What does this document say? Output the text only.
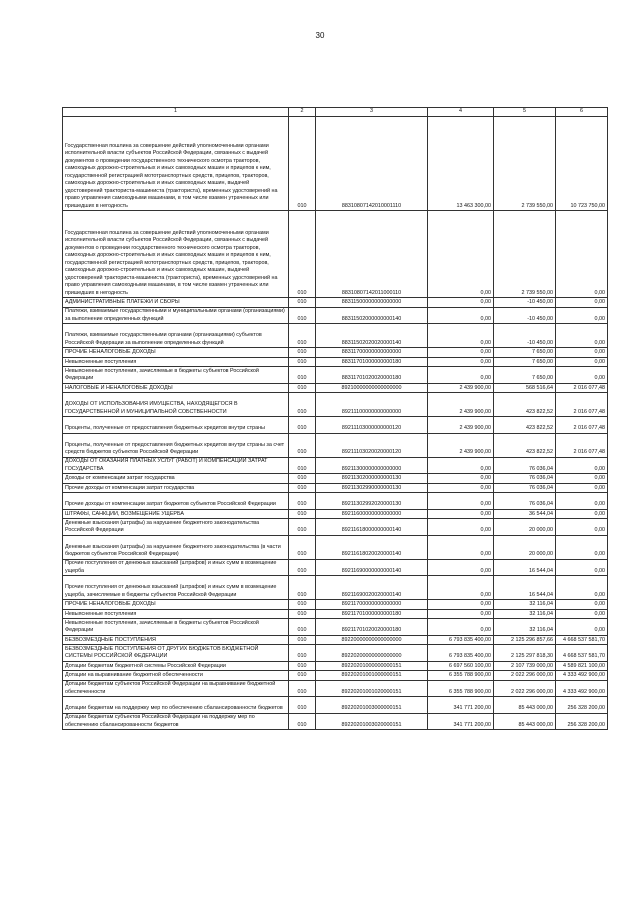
30
1	2	3	4	5	6
Государственная пошлина за совершение действий уполномоченными органами исполнительной власти субъектов Российской Федерации, связанных с выдачей документов о проведении государственного технического осмотра тракторов, самоходных дорожно-строительных и иных самоходных машин и прицепов к ним, государственной регистрацией мототранспортных средств, прицепов, тракторов, самоходных дорожно-строительных и иных самоходных машин, выдачей удостоверений тракториста-машиниста (тракториста), временных удостоверений на право управления самоходными машинами, в том числе взамен утраченных или пришедших в негодность	010	88310807142010001110	13 463 300,00	2 739 550,00	10 723 750,00
Государственная пошлина за совершение действий уполномоченными органами исполнительной власти субъектов Российской Федерации, связанных с выдачей документов о проведении государственного технического осмотра тракторов, самоходных дорожно-строительных и иных самоходных машин и прицепов к ним, государственной регистрацией мототранспортных средств, прицепов, тракторов, самоходных дорожно-строительных и иных самоходных машин, выдачей удостоверений тракториста-машиниста (тракториста), временных удостоверений на право управления самоходными машинами, в том числе взамен утраченных или пришедших в негодность	010	88310807142011000110	0,00	2 739 550,00	0,00
АДМИНИСТРАТИВНЫЕ ПЛАТЕЖИ И СБОРЫ	010	88311500000000000000	0,00	-10 450,00	0,00
Платежи, взимаемые государственными и муниципальными органами (организациями) за выполнение определенных функций	010	88311502000000000140	0,00	-10 450,00	0,00
Платежи, взимаемые государственными органами (организациями) субъектов Российской Федерации за выполнение определенных функций	010	88311502020020000140	0,00	-10 450,00	0,00
ПРОЧИЕ НЕНАЛОГОВЫЕ ДОХОДЫ	010	88311700000000000000	0,00	7 650,00	0,00
Невыясненные поступления	010	88311701000000000180	0,00	7 650,00	0,00
Невыясненные поступления, зачисляемые в бюджеты субъектов Российской Федерации	010	88311701020020000180	0,00	7 650,00	0,00
НАЛОГОВЫЕ И НЕНАЛОГОВЫЕ ДОХОДЫ	010	89210000000000000000	2 439 900,00	568 516,64	2 016 077,48
ДОХОДЫ ОТ ИСПОЛЬЗОВАНИЯ ИМУЩЕСТВА, НАХОДЯЩЕГОСЯ В ГОСУДАРСТВЕННОЙ И МУНИЦИПАЛЬНОЙ СОБСТВЕННОСТИ	010	89211100000000000000	2 439 900,00	423 822,52	2 016 077,48
Проценты, полученные от предоставления бюджетных кредитов внутри страны	010	89211103000000000120	2 439 900,00	423 822,52	2 016 077,48
Проценты, полученные от предоставления бюджетных кредитов внутри страны за счет средств бюджетов субъектов Российской Федерации	010	89211103020020000120	2 439 900,00	423 822,52	2 016 077,48
ДОХОДЫ ОТ ОКАЗАНИЯ ПЛАТНЫХ УСЛУГ (РАБОТ) И КОМПЕНСАЦИИ ЗАТРАТ ГОСУДАРСТВА	010	89211300000000000000	0,00	76 036,04	0,00
Доходы от компенсации затрат государства	010	89211302000000000130	0,00	76 036,04	0,00
Прочие доходы от компенсации затрат государства	010	89211302990000000130	0,00	76 036,04	0,00
Прочие доходы от компенсации затрат бюджетов субъектов Российской Федерации	010	89211302992020000130	0,00	76 036,04	0,00
ШТРАФЫ, САНКЦИИ, ВОЗМЕЩЕНИЕ УЩЕРБА	010	89211600000000000000	0,00	36 544,04	0,00
Денежные взыскания (штрафы) за нарушение бюджетного законодательства Российской Федерации	010	89211618000000000140	0,00	20 000,00	0,00
Денежные взыскания (штрафы) за нарушение бюджетного законодательства (в части бюджетов субъектов Российской Федерации)	010	89211618020020000140	0,00	20 000,00	0,00
Прочие поступления от денежных взысканий (штрафов) и иных сумм в возмещение ущерба	010	89211690000000000140	0,00	16 544,04	0,00
Прочие поступления от денежных взысканий (штрафов) и иных сумм в возмещение ущерба, зачисляемые в бюджеты субъектов Российской Федерации	010	89211690020020000140	0,00	16 544,04	0,00
ПРОЧИЕ НЕНАЛОГОВЫЕ ДОХОДЫ	010	89211700000000000000	0,00	32 116,04	0,00
Невыясненные поступления	010	89211701000000000180	0,00	32 116,04	0,00
Невыясненные поступления, зачисляемые в бюджеты субъектов Российской Федерации	010	89211701020020000180	0,00	32 116,04	0,00
БЕЗВОЗМЕЗДНЫЕ ПОСТУПЛЕНИЯ	010	89220000000000000000	6 793 835 400,00	2 125 296 857,66	4 668 537 581,70
БЕЗВОЗМЕЗДНЫЕ ПОСТУПЛЕНИЯ ОТ ДРУГИХ БЮДЖЕТОВ БЮДЖЕТНОЙ СИСТЕМЫ РОССИЙСКОЙ ФЕДЕРАЦИИ	010	89220200000000000000	6 793 835 400,00	2 125 297 818,30	4 668 537 581,70
Дотации бюджетам бюджетной системы Российской Федерации	010	89220201000000000151	6 697 560 100,00	2 107 739 000,00	4 589 821 100,00
Дотации на выравнивание бюджетной обеспеченности	010	89220201001000000151	6 355 788 900,00	2 022 296 000,00	4 333 492 900,00
Дотации бюджетам субъектов Российской Федерации на выравнивание бюджетной обеспеченности	010	89220201001020000151	6 355 788 900,00	2 022 296 000,00	4 333 492 900,00
Дотации бюджетам на поддержку мер по обеспечению сбалансированности бюджетов	010	89220201003000000151	341 771 200,00	85 443 000,00	256 328 200,00
Дотации бюджетам субъектов Российской Федерации на поддержку мер по обеспечению сбалансированности бюджетов	010	89220201003020000151	341 771 200,00	85 443 000,00	256 328 200,00
